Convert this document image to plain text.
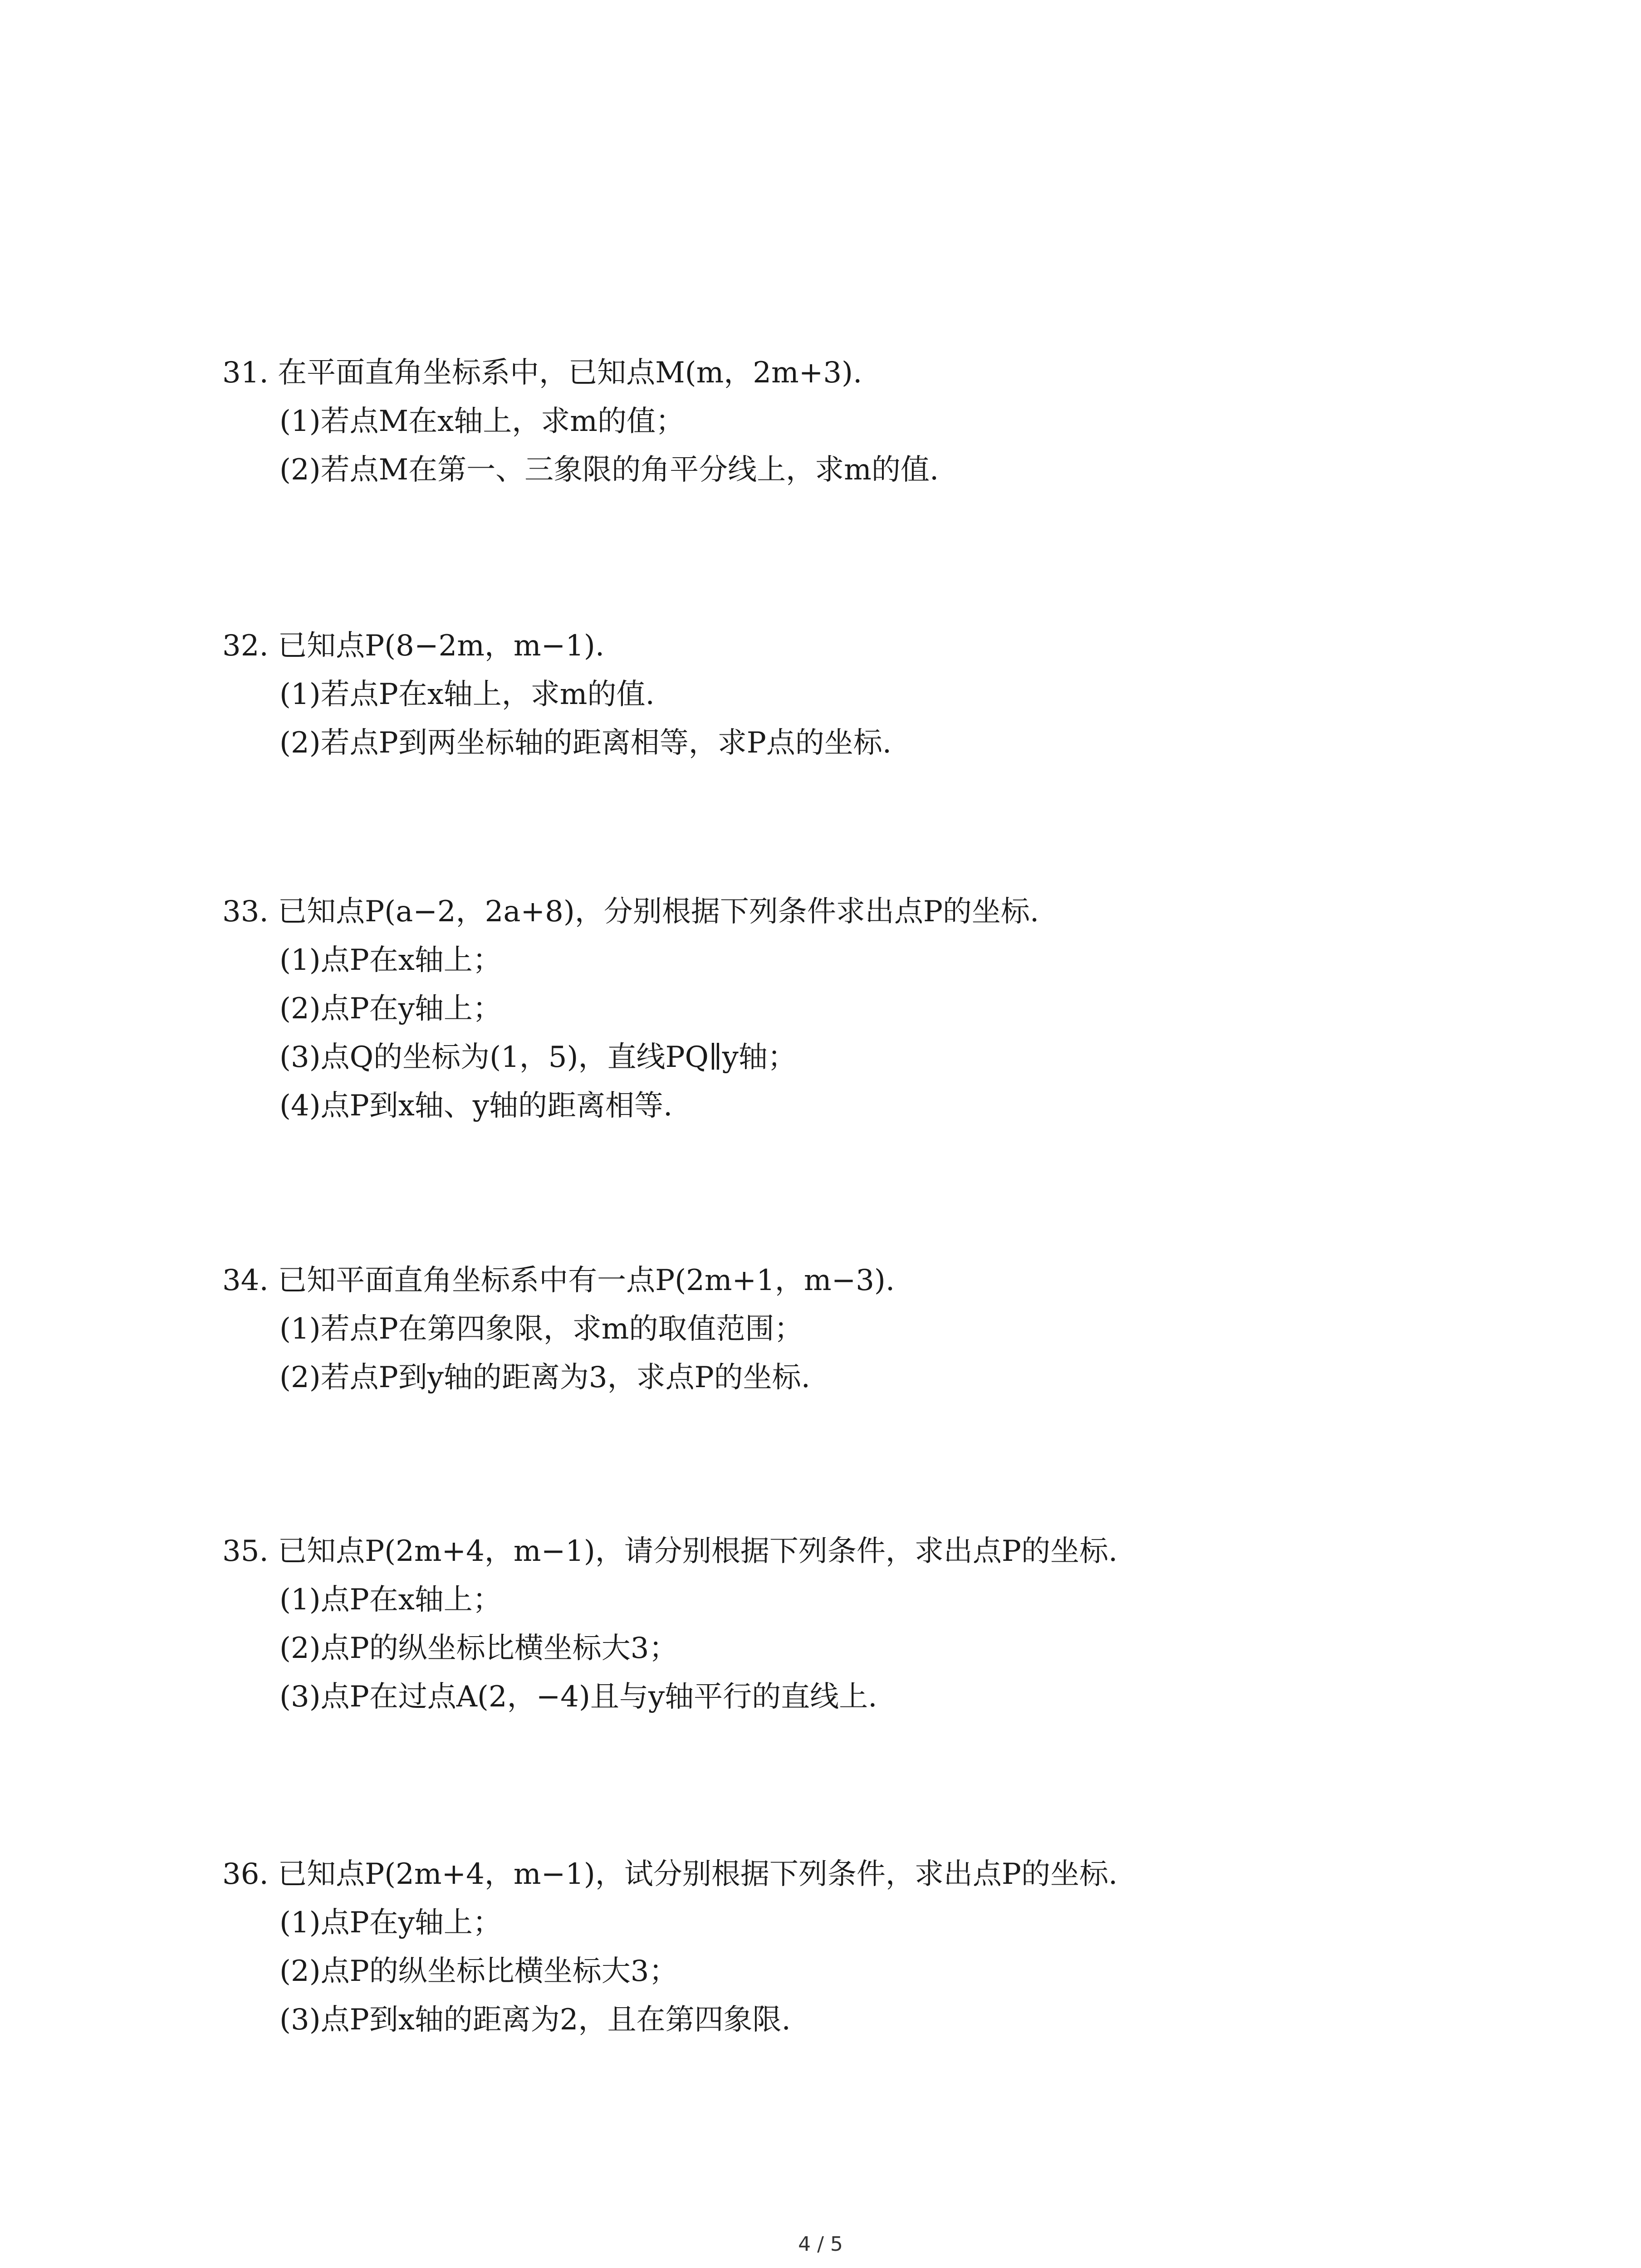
31. 在平面直角坐标系中，已知点M(m，2m+3).
(1)若点M在x轴上，求m的值；
(2)若点M在第一、三象限的角平分线上，求m的值.
32. 已知点P(8−2m，m−1).
(1)若点P在x轴上，求m的值.
(2)若点P到两坐标轴的距离相等，求P点的坐标.
33. 已知点P(a−2，2a+8)，分别根据下列条件求出点P的坐标.
(1)点P在x轴上；
(2)点P在y轴上；
(3)点Q的坐标为(1，5)，直线PQ∥y轴；
(4)点P到x轴、y轴的距离相等.
34. 已知平面直角坐标系中有一点P(2m+1，m−3).
(1)若点P在第四象限，求m的取值范围；
(2)若点P到y轴的距离为3，求点P的坐标.
35. 已知点P(2m+4，m−1)，请分别根据下列条件，求出点P的坐标.
(1)点P在x轴上；
(2)点P的纵坐标比横坐标大3；
(3)点P在过点A(2，−4)且与y轴平行的直线上.
36. 已知点P(2m+4，m−1)，试分别根据下列条件，求出点P的坐标.
(1)点P在y轴上；
(2)点P的纵坐标比横坐标大3；
(3)点P到x轴的距离为2，且在第四象限.
4 / 5
